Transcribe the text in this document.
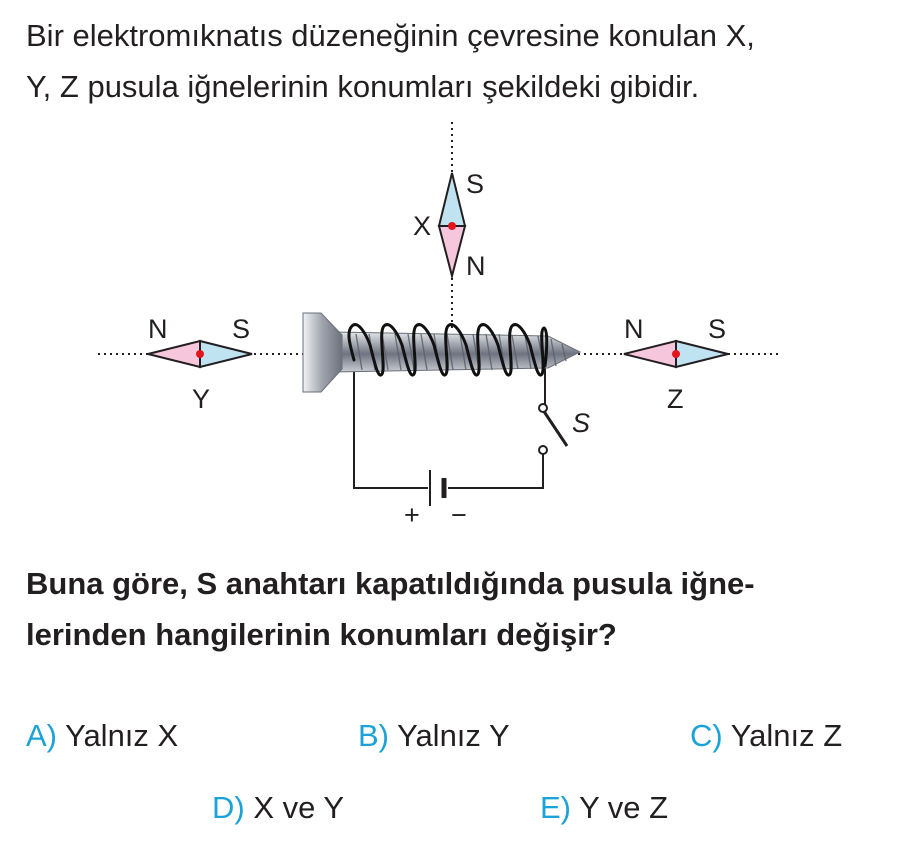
Bir elektromıknatıs düzeneğinin çevresine konulan X,
Y, Z pusula iğnelerinin konumları şekildeki gibidir.

S
+ −
S
N
X
N S
Y
N S
Z

Buna göre, S anahtarı kapatıldığında pusula iğne-
lerinden hangilerinin konumları değişir?

A) Yalnız X	B) Yalnız Y	C) Yalnız Z
D) X ve Y	E) Y ve Z
